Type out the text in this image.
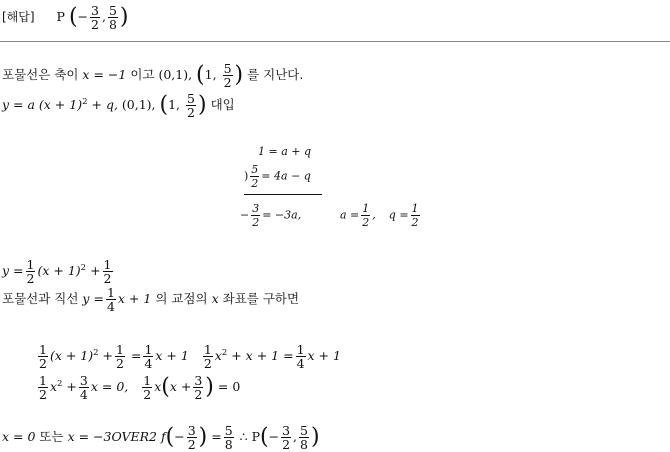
[해답] P (− $\frac{3}{2}$ , $\frac{5}{8}$ )
포물선은 축이 x = −1 이고 (0,1), (1, $\frac{5}{2}$ ) 를 지난다.
y = a $(x + 1)^2 + q$, (0,1), (1, $\frac{5}{2}$ ) 대입
1 = a + q
) $\frac{5}{2} = 4a - q$
− $\frac{3}{2} = -3a$,	$a = \frac{1}{2}$ ,  $q = \frac{1}{2}$
$y = \frac{1}{2} (x + 1)^2 + \frac{1}{2}$
포물선과 직선 $y = \frac{1}{4}$ x + 1 의 교점의 x 좌표를 구하면
$\frac{1}{2} (x + 1)^2 + \frac{1}{2} = \frac{1}{4}$ $x + 1 \frac{1}{2} x^2 + x + 1 = \frac{1}{4}$ x + 1
$\frac{1}{2} x^2 + \frac{3}{4}$ x = 0, $\frac{1}{2} x(x + \frac{3}{2}$ ) = 0
x = 0 또는 x = −3OVER2 $f(- \frac{3}{2}$ ) = $\frac{5}{8}$ ∴ $P(- \frac{3}{2}$ , $\frac{5}{8}$ )
